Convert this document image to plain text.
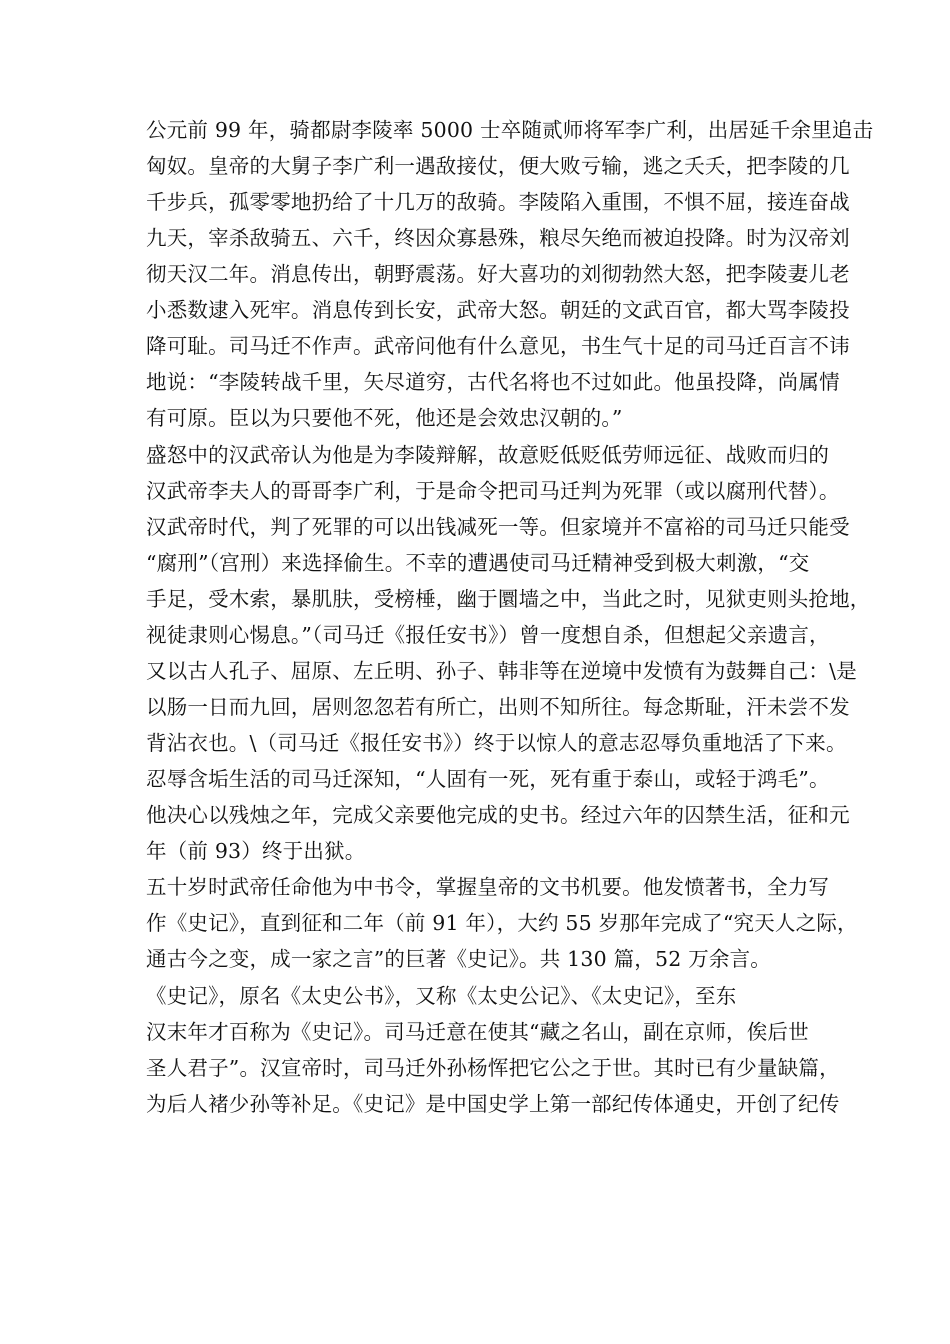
公元前 99 年，骑都尉李陵率 5000 士卒随贰师将军李广利，出居延千余里追击
匈奴。皇帝的大舅子李广利一遇敌接仗，便大败亏输，逃之夭夭，把李陵的几
千步兵，孤零零地扔给了十几万的敌骑。李陵陷入重围，不惧不屈，接连奋战
九天，宰杀敌骑五、六千，终因众寡悬殊，粮尽矢绝而被迫投降。时为汉帝刘
彻天汉二年。消息传出，朝野震荡。好大喜功的刘彻勃然大怒，把李陵妻儿老
小悉数逮入死牢。消息传到长安，武帝大怒。朝廷的文武百官，都大骂李陵投
降可耻。司马迁不作声。武帝问他有什么意见，书生气十足的司马迁百言不讳
地说：“李陵转战千里，矢尽道穷，古代名将也不过如此。他虽投降，尚属情
有可原。臣以为只要他不死，他还是会效忠汉朝的。”
盛怒中的汉武帝认为他是为李陵辩解，故意贬低贬低劳师远征、战败而归的
汉武帝李夫人的哥哥李广利，于是命令把司马迁判为死罪（或以腐刑代替）。
汉武帝时代，判了死罪的可以出钱减死一等。但家境并不富裕的司马迁只能受
“腐刑”（宫刑）来选择偷生。不幸的遭遇使司马迁精神受到极大刺激，“交
手足，受木索，暴肌肤，受榜棰，幽于圜墙之中，当此之时，见狱吏则头抢地，
视徒隶则心惕息。”（司马迁《报任安书》）曾一度想自杀，但想起父亲遗言，
又以古人孔子、屈原、左丘明、孙子、韩非等在逆境中发愤有为鼓舞自己：\是
以肠一日而九回，居则忽忽若有所亡，出则不知所往。每念斯耻，汗未尝不发
背沾衣也。\（司马迁《报任安书》）终于以惊人的意志忍辱负重地活了下来。
忍辱含垢生活的司马迁深知，“人固有一死，死有重于泰山，或轻于鸿毛”。
他决心以残烛之年，完成父亲要他完成的史书。经过六年的囚禁生活，征和元
年（前 93）终于出狱。
五十岁时武帝任命他为中书令，掌握皇帝的文书机要。他发愤著书，全力写
作《史记》，直到征和二年（前 91 年），大约 55 岁那年完成了“究天人之际，
通古今之变，成一家之言”的巨著《史记》。共 130 篇，52 万余言。
《史记》，原名《太史公书》，又称《太史公记》、《太史记》，至东
汉末年才百称为《史记》。司马迁意在使其“藏之名山，副在京师，俟后世
圣人君子”。汉宣帝时，司马迁外孙杨恽把它公之于世。其时已有少量缺篇，
为后人褚少孙等补足。《史记》是中国史学上第一部纪传体通史，开创了纪传
